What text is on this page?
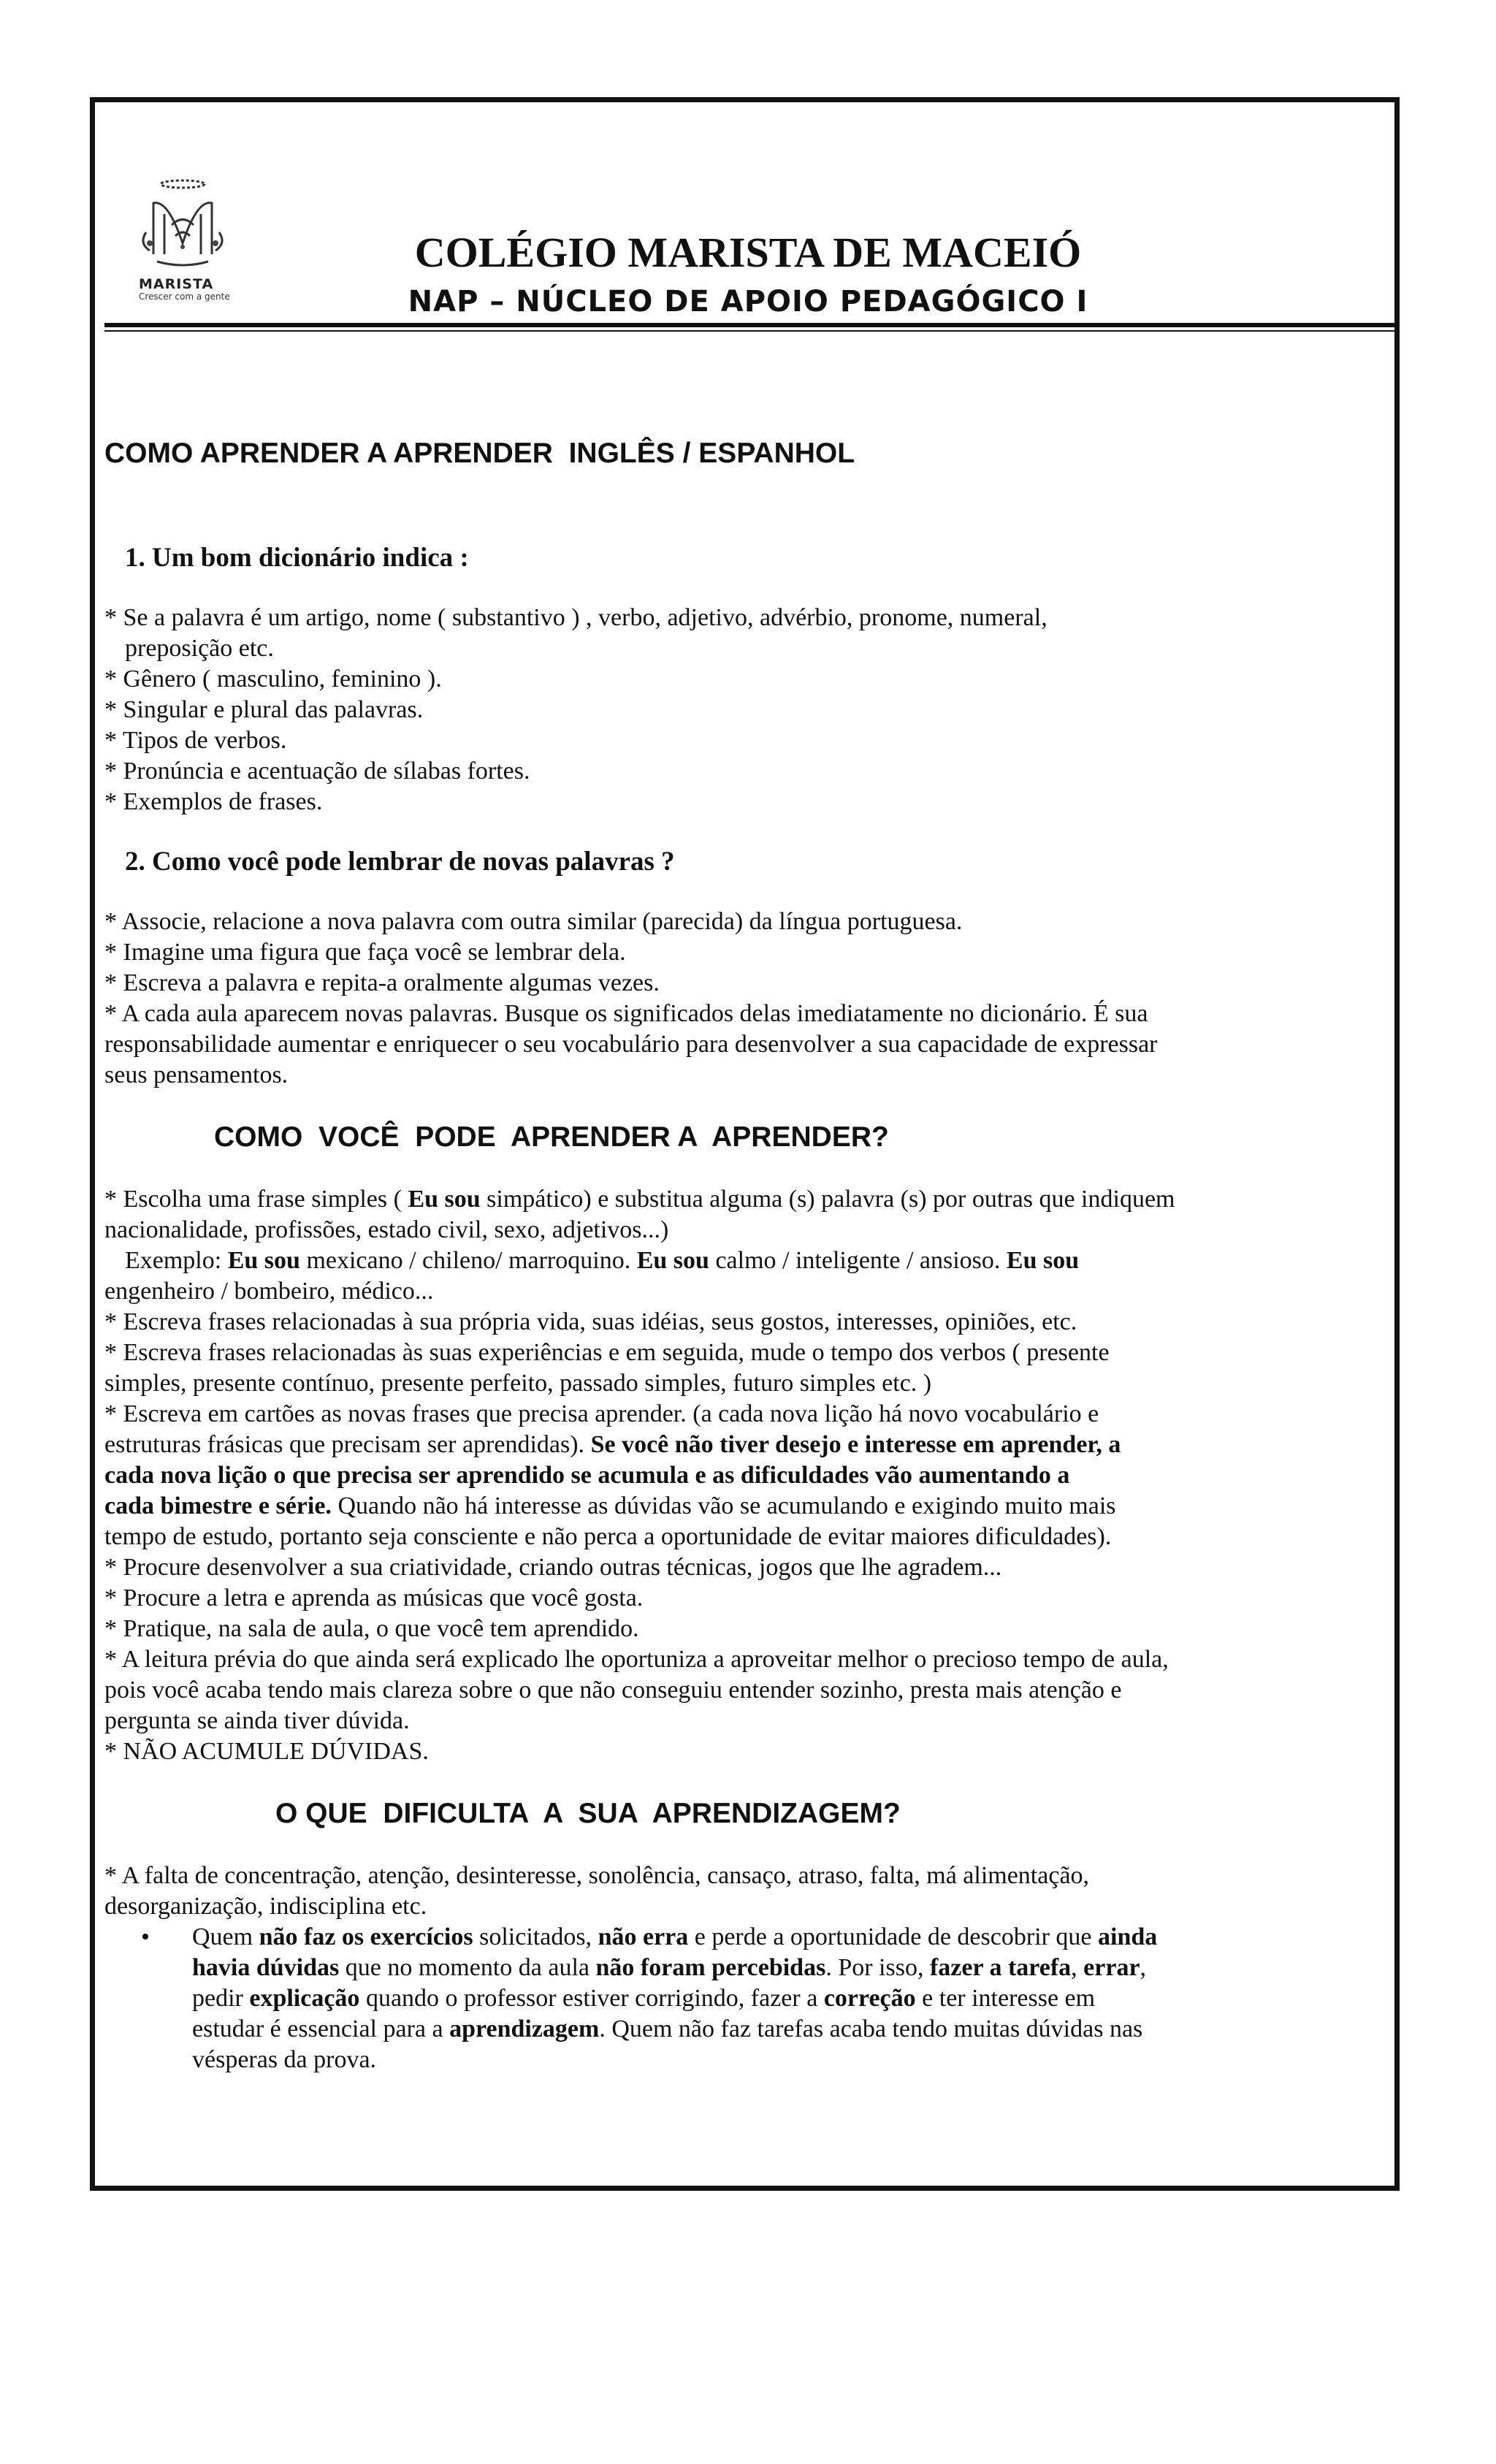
MARISTA
Crescer com a gente
COLÉGIO MARISTA DE MACEIÓ
NAP – NÚCLEO DE APOIO PEDAGÓGICO I
COMO APRENDER A APRENDER  INGLÊS / ESPANHOL

1. Um bom dicionário indica :

* Se a palavra é um artigo, nome ( substantivo ) , verbo, adjetivo, advérbio, pronome, numeral,

preposição etc.

* Gênero ( masculino, feminino ).

* Singular e plural das palavras.

* Tipos de verbos.

* Pronúncia e acentuação de sílabas fortes.

* Exemplos de frases.

2. Como você pode lembrar de novas palavras ?

* Associe, relacione a nova palavra com outra similar (parecida) da língua portuguesa.

* Imagine uma figura que faça você se lembrar dela.

* Escreva a palavra e repita-a oralmente algumas vezes.

* A cada aula aparecem novas palavras. Busque os significados delas imediatamente no dicionário. É sua

responsabilidade aumentar e enriquecer o seu vocabulário para desenvolver a sua capacidade de expressar

seus pensamentos.

COMO  VOCÊ  PODE  APRENDER A  APRENDER?

* Escolha uma frase simples ( Eu sou simpático) e substitua alguma (s) palavra (s) por outras que indiquem

nacionalidade, profissões, estado civil, sexo, adjetivos...)

Exemplo: Eu sou mexicano / chileno/ marroquino. Eu sou calmo / inteligente / ansioso. Eu sou

engenheiro / bombeiro, médico...

* Escreva frases relacionadas à sua própria vida, suas idéias, seus gostos, interesses, opiniões, etc.

* Escreva frases relacionadas às suas experiências e em seguida, mude o tempo dos verbos ( presente

simples, presente contínuo, presente perfeito, passado simples, futuro simples etc. )

* Escreva em cartões as novas frases que precisa aprender. (a cada nova lição há novo vocabulário e

estruturas frásicas que precisam ser aprendidas). Se você não tiver desejo e interesse em aprender, a

cada nova lição o que precisa ser aprendido se acumula e as dificuldades vão aumentando a

cada bimestre e série. Quando não há interesse as dúvidas vão se acumulando e exigindo muito mais

tempo de estudo, portanto seja consciente e não perca a oportunidade de evitar maiores dificuldades).

* Procure desenvolver a sua criatividade, criando outras técnicas, jogos que lhe agradem...

* Procure a letra e aprenda as músicas que você gosta.

* Pratique, na sala de aula, o que você tem aprendido.

* A leitura prévia do que ainda será explicado lhe oportuniza a aproveitar melhor o precioso tempo de aula,

pois você acaba tendo mais clareza sobre o que não conseguiu entender sozinho, presta mais atenção e

pergunta se ainda tiver dúvida.

* NÃO ACUMULE DÚVIDAS.

O QUE  DIFICULTA  A  SUA  APRENDIZAGEM?

* A falta de concentração, atenção, desinteresse, sonolência, cansaço, atraso, falta, má alimentação,

desorganização, indisciplina etc.

• Quem não faz os exercícios solicitados, não erra e perde a oportunidade de descobrir que ainda

havia dúvidas que no momento da aula não foram percebidas. Por isso, fazer a tarefa, errar,

pedir explicação quando o professor estiver corrigindo, fazer a correção e ter interesse em

estudar é essencial para a aprendizagem. Quem não faz tarefas acaba tendo muitas dúvidas nas

vésperas da prova.
